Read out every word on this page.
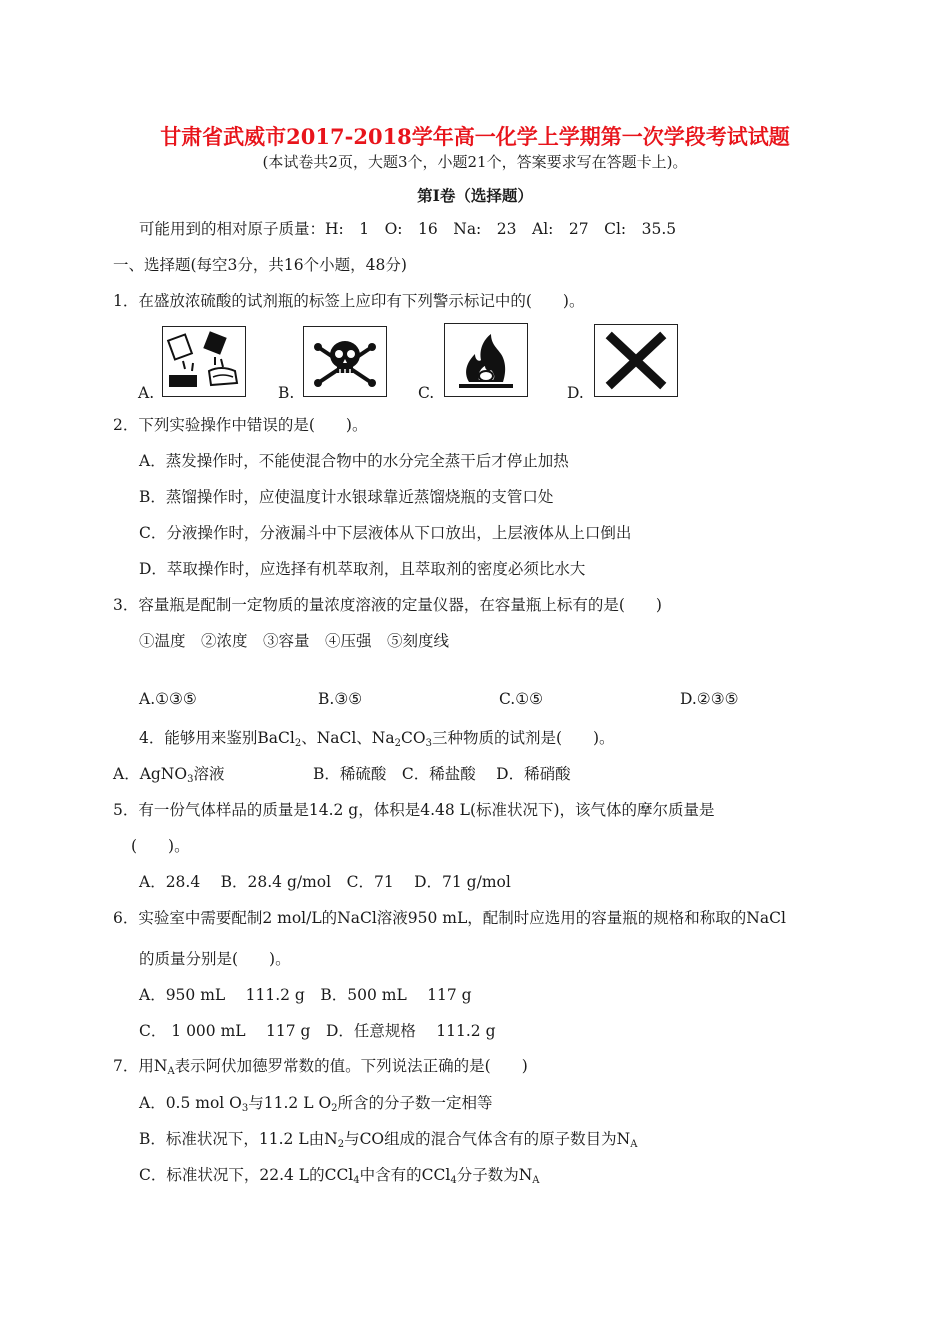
甘肃省武威市2017-2018学年高一化学上学期第一次学段考试试题
(本试卷共2页，大题3个，小题21个，答案要求写在答题卡上)。
第Ⅰ卷（选择题）
可能用到的相对原子质量：H:　1　O:　16　Na:　23　Al:　27　Cl:　35.5
一、选择题(每空3分，共16个小题，48分)
1．在盛放浓硫酸的试剂瓶的标签上应印有下列警示标记中的(　　)。
A.	B.	C.	D.
2．下列实验操作中错误的是(　　)。
A．蒸发操作时，不能使混合物中的水分完全蒸干后才停止加热
B．蒸馏操作时，应使温度计水银球靠近蒸馏烧瓶的支管口处
C．分液操作时，分液漏斗中下层液体从下口放出，上层液体从上口倒出
D．萃取操作时，应选择有机萃取剂，且萃取剂的密度必须比水大
3．容量瓶是配制一定物质的量浓度溶液的定量仪器，在容量瓶上标有的是(　　)
①温度　②浓度　③容量　④压强　⑤刻度线
A.①③⑤	B.③⑤	C.①⑤	D.②③⑤
4．能够用来鉴别BaCl$_2$、NaCl、$Na_2CO_3$三种物质的试剂是(　　)。
A．AgNO$_3$溶液	B．稀硫酸　C．稀盐酸　 D．稀硝酸
5．有一份气体样品的质量是14.2 g，体积是4.48 L(标准状况下)，该气体的摩尔质量是
(　　)。
A．28.4　 B．28.4 g/mol　C．71　 D．71 g/mol
6．实验室中需要配制2 mol/L的NaCl溶液950 mL，配制时应选用的容量瓶的规格和称取的NaCl
的质量分别是(　　)。
A．950 mL　 111.2 g　B．500 mL　 117 g
C． 1 000 mL　 117 g　D．任意规格　 111.2 g
7．用$N_A$表示阿伏加德罗常数的值。下列说法正确的是(　　)
A．0.5 mol $O_3$与11.2 L $O_2$所含的分子数一定相等
B．标准状况下，11.2 L由$N_2$与CO组成的混合气体含有的原子数目为$N_A$
C．标准状况下，22.4 L的CCl$_4$中含有的CCl$_4$分子数为$N_A$
